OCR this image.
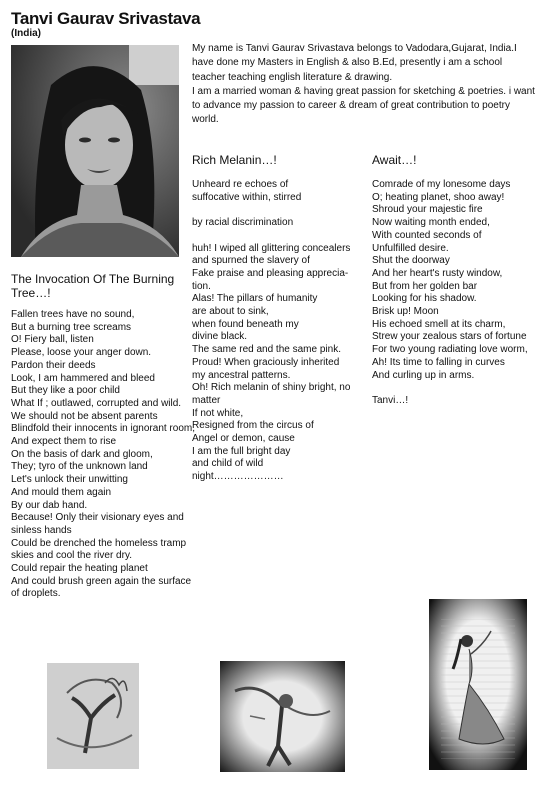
Tanvi Gaurav Srivastava
(India)

My name is Tanvi Gaurav Srivastava belongs to Vadodara,Gujarat, India.I have done my Masters in English & also B.Ed, presently i am a school teacher teaching english literature & drawing.

I am a married woman & having great passion for sketching & poetries. i want to advance my passion to career & dream of great contribution to poetry world.

The Invocation Of The Burning Tree…!
Fallen trees have no sound,
But a burning tree screams
O! Fiery ball, listen
Please, loose your anger down.
Pardon their deeds
Look, I am hammered and bleed
But they like a poor child
What If ; outlawed, corrupted and wild.
We should not be absent parents
Blindfold their innocents in ignorant room,
And expect them to rise
On the basis of dark and gloom,
They; tyro of the unknown land
Let's unlock their unwitting
And mould them again
By our dab hand.
Because! Only their visionary eyes and sinless hands
Could be drenched the homeless tramp skies and cool the river dry.
Could repair the heating planet
And could brush green again the surface of droplets.
Rich Melanin…!
Unheard re echoes of
suffocative within, stirred

by racial discrimination

huh! I wiped all glittering concealers
and spurned the slavery of
Fake praise and pleasing apprecia-tion.
Alas! The pillars of humanity
are about to sink,
when found beneath my
divine black.
The same red and the same pink.
Proud! When graciously inherited
my ancestral patterns.
Oh! Rich melanin of shiny bright, no matter
If not white,
Resigned from the circus of
Angel or demon, cause
I am the full bright day
and child of wild
night…………………
Await…!
Comrade of my lonesome days
O; heating planet, shoo away!
Shroud your majestic fire
Now waiting month ended,
With counted seconds of
Unfulfilled desire.
Shut the doorway
And her heart's rusty window,
But from her golden bar
Looking for his shadow.
Brisk up! Moon
His echoed smell at its charm,
Strew your zealous stars of fortune
For two young radiating love worm,
Ah! Its time to falling in curves
And curling up in arms.

Tanvi…!
